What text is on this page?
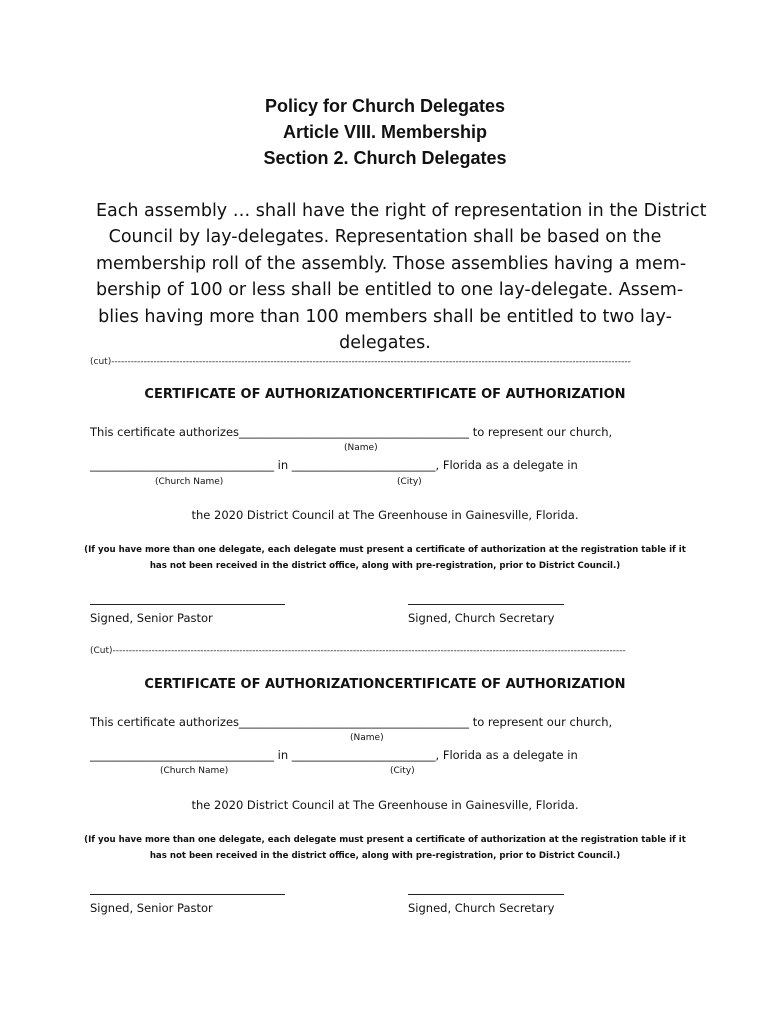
Policy for Church Delegates
Article VIII. Membership
Section 2. Church Delegates

Each assembly … shall have the right of representation in the District

Council by lay-delegates. Representation shall be based on the

membership roll of the assembly. Those assemblies having a mem-

bership of 100 or less shall be entitled to one lay-delegate. Assem-

blies having more than 100 members shall be entitled to two lay-

delegates.

(cut)----------------------------------------------------------------------------------------------------------------------------------------------------------------
CERTIFICATE OF AUTHORIZATIONCERTIFICATE OF AUTHORIZATION
This certificate authorizes________________________________________ to represent our church,
(Name)
________________________________ in _________________________, Florida as a delegate in
(Church Name)	(City)
the 2020 District Council at The Greenhouse in Gainesville, Florida.
(If you have more than one delegate, each delegate must present a certificate of authorization at the registration table if it
has not been received in the district office, along with pre-registration, prior to District Council.)
Signed, Senior Pastor	Signed, Church Secretary
(Cut)--------------------------------------------------------------------------------------------------------------------------------------------------------------
CERTIFICATE OF AUTHORIZATIONCERTIFICATE OF AUTHORIZATION
This certificate authorizes________________________________________ to represent our church,
(Name)
________________________________ in _________________________, Florida as a delegate in
(Church Name)	(City)
the 2020 District Council at The Greenhouse in Gainesville, Florida.
(If you have more than one delegate, each delegate must present a certificate of authorization at the registration table if it
has not been received in the district office, along with pre-registration, prior to District Council.)
Signed, Senior Pastor	Signed, Church Secretary
